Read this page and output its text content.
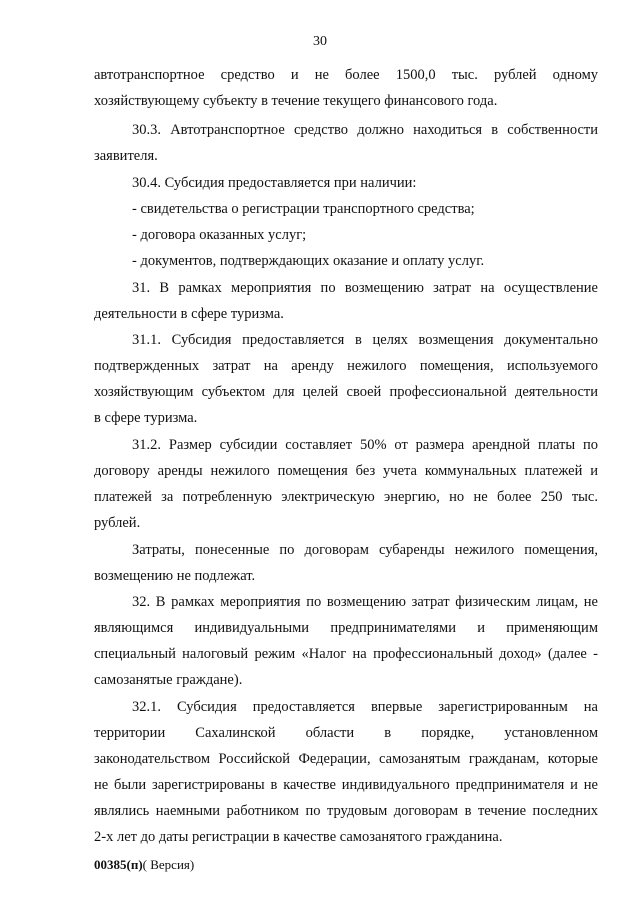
30
автотранспортное средство и не более 1500,0 тыс. рублей одному
хозяйствующему субъекту в течение текущего финансового года.
30.3. Автотранспортное средство должно находиться в собственности
заявителя.
30.4. Субсидия предоставляется при наличии:
- свидетельства о регистрации транспортного средства;
- договора оказанных услуг;
- документов, подтверждающих оказание и оплату услуг.
31. В рамках мероприятия по возмещению затрат на осуществление
деятельности в сфере туризма.
31.1. Субсидия предоставляется в целях возмещения документально
подтвержденных затрат на аренду нежилого помещения, используемого
хозяйствующим субъектом для целей своей профессиональной деятельности
в сфере туризма.
31.2. Размер субсидии составляет 50% от размера арендной платы по
договору аренды нежилого помещения без учета коммунальных платежей и
платежей за потребленную электрическую энергию, но не более 250 тыс.
рублей.
Затраты, понесенные по договорам субаренды нежилого помещения,
возмещению не подлежат.
32. В рамках мероприятия по возмещению затрат физическим лицам, не
являющимся индивидуальными предпринимателями и применяющим
специальный налоговый режим «Налог на профессиональный доход» (далее -
самозанятые граждане).
32.1. Субсидия предоставляется впервые зарегистрированным на
территории Сахалинской области в порядке, установленном
законодательством Российской Федерации, самозанятым гражданам, которые
не были зарегистрированы в качестве индивидуального предпринимателя и не
являлись наемными работником по трудовым договорам в течение последних
2-х лет до даты регистрации в качестве самозанятого гражданина.
00385(п)( Версия)
